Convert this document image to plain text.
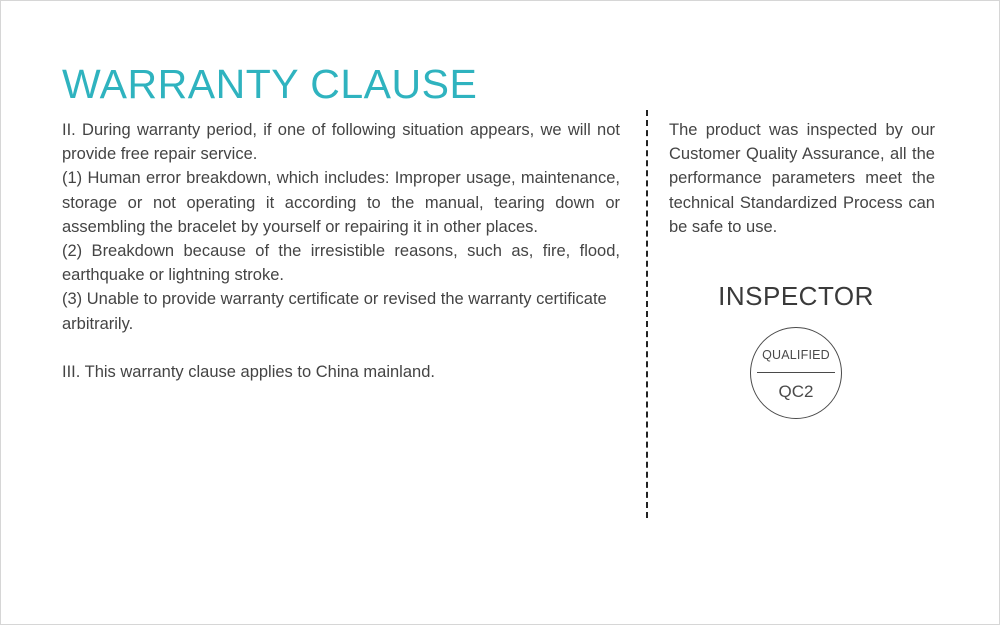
WARRANTY CLAUSE

II. During warranty period, if one of following situation appears, we will not provide free repair service.

(1) Human error breakdown, which includes: Improper usage, maintenance, storage or not operating it according to the manual, tearing down or assembling the bracelet by yourself or repairing it in other places.

(2) Breakdown because of the irresistible reasons, such as, fire, flood, earthquake or lightning stroke.

(3) Unable to provide warranty certificate or revised the warranty certificate arbitrarily.

III. This warranty clause applies to China mainland.

The product was inspected by our Customer Quality Assurance, all the performance parameters meet the technical Standardized Process can be safe to use.

INSPECTOR
QUALIFIED
QC2
